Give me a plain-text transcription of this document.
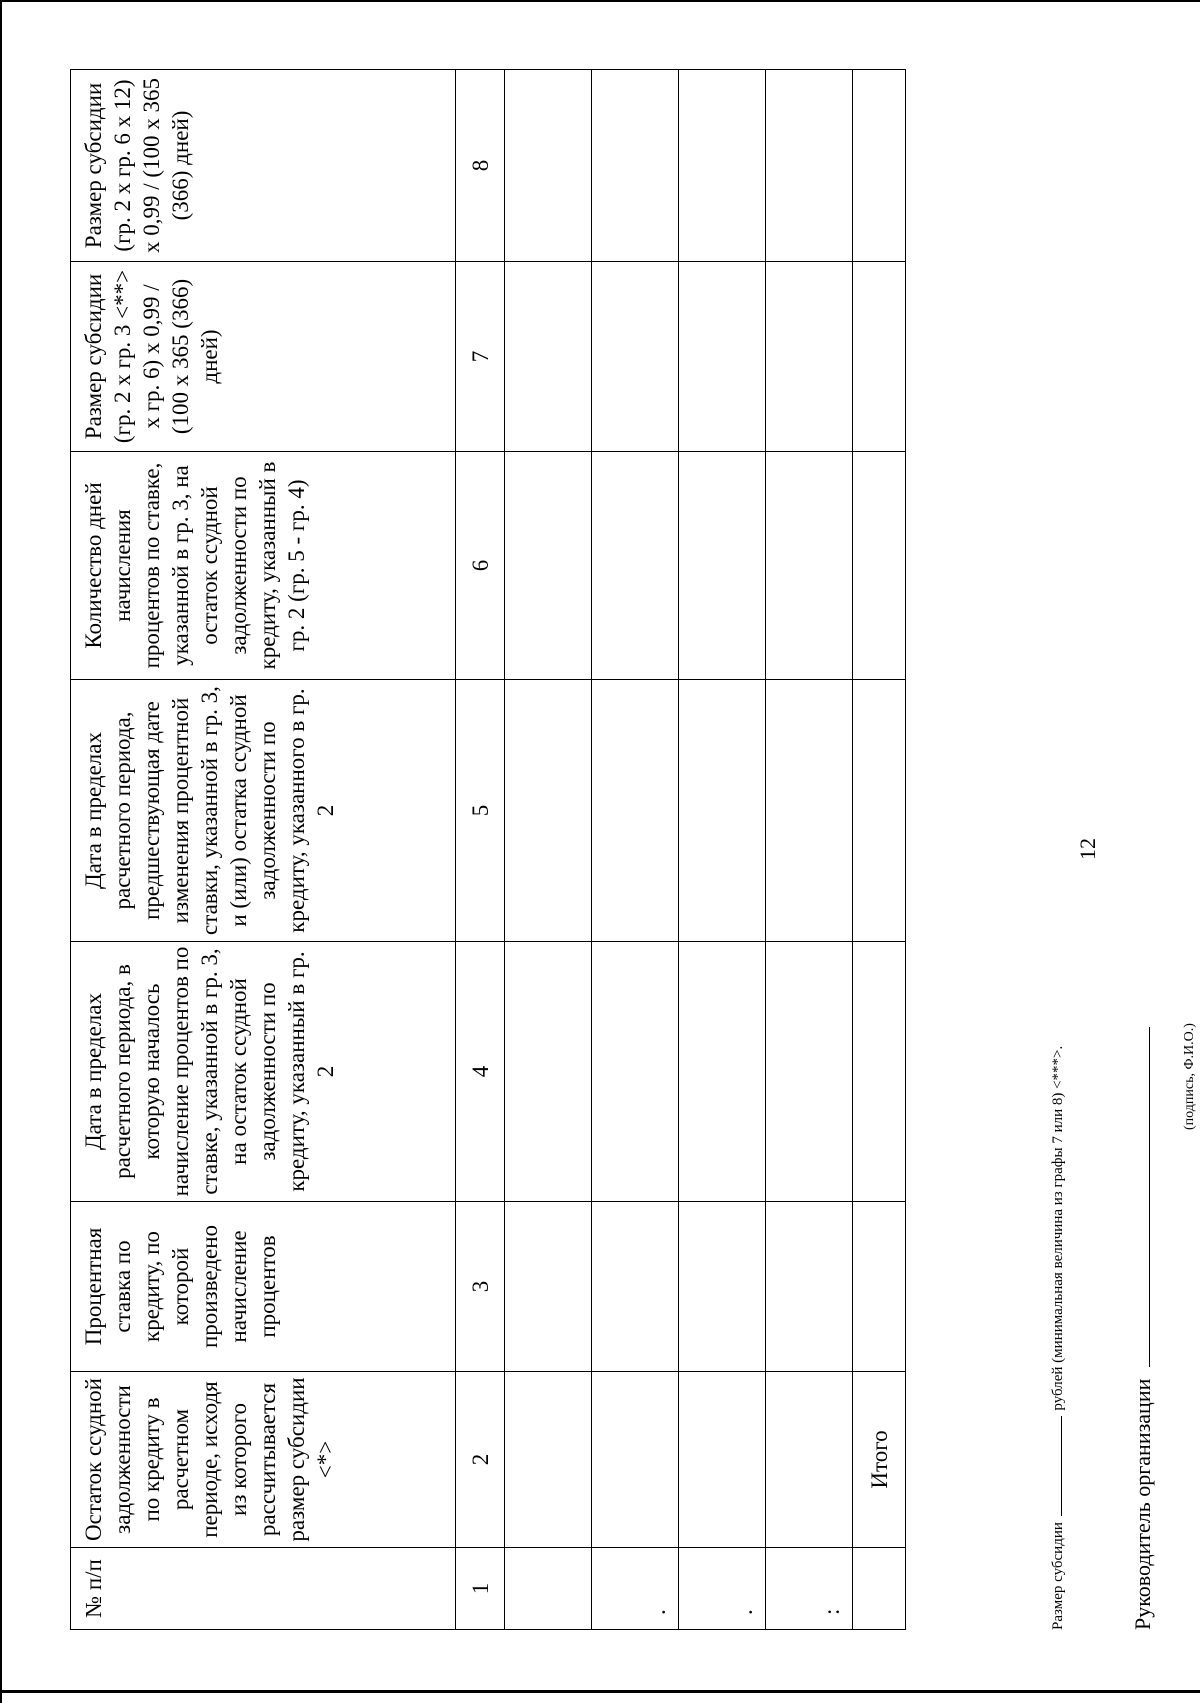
12
№ п/п	Остаток ссудной задолженности по кредиту в расчетном периоде, исходя из которого рассчитывается размер субсидии <*>	Процентная ставка по кредиту, по которой произведено начисление процентов	Дата в пределах расчетного периода, в которую началось начисление процентов по ставке, указанной в гр. 3, на остаток ссудной задолженности по кредиту, указанный в гр. 2	Дата в пределах расчетного периода, предшествующая дате изменения процентной ставки, указанной в гр. 3, и (или) остатка ссудной задолженности по кредиту, указанного в гр. 2	Количество дней начисления процентов по ставке, указанной в гр. 3, на остаток ссудной задолженности по кредиту, указанный в гр. 2 (гр. 5 - гр. 4)	Размер субсидии (гр. 2 x гр. 3 <**> x гр. 6) x 0,99 / (100 x 365 (366) дней)	Размер субсидии (гр. 2 x гр. 6 x 12) x 0,99 / (100 x 365 (366) дней)
1	2	3	4	5	6	7	8

.							
.							
:							
	Итого						
Размер субсидии  рублей (минимальная величина из графы 7 или 8) <***>.
Руководитель организации
(подпись, Ф.И.О.)
